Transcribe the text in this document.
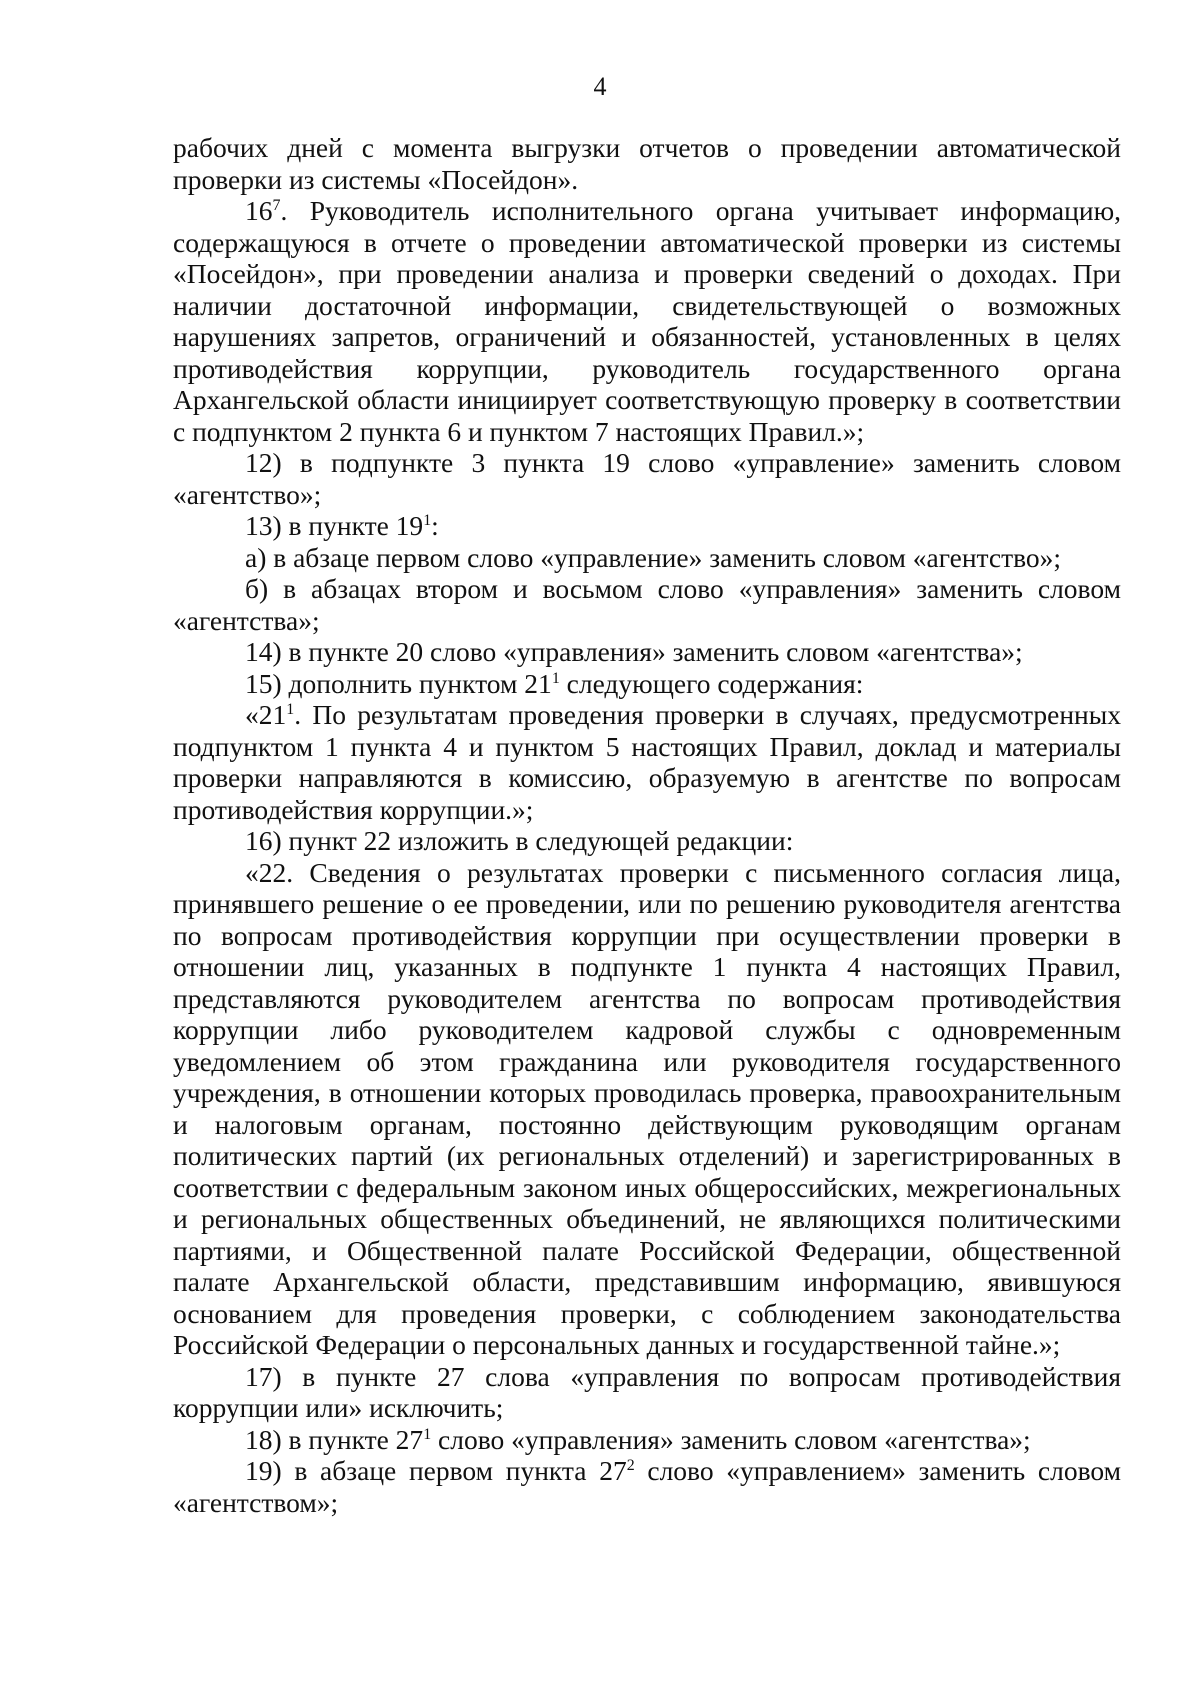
4

рабочих дней с момента выгрузки отчетов о проведении автоматической проверки из системы «Посейдон».

$16^7$. Руководитель исполнительного органа учитывает информацию, содержащуюся в отчете о проведении автоматической проверки из системы «Посейдон», при проведении анализа и проверки сведений о доходах. При наличии достаточной информации, свидетельствующей о возможных нарушениях запретов, ограничений и обязанностей, установленных в целях противодействия коррупции, руководитель государственного органа Архангельской области инициирует соответствующую проверку в соответствии с подпунктом 2 пункта 6 и пунктом 7 настоящих Правил.»;

12) в подпункте 3 пункта 19 слово «управление» заменить словом «агентство»;

13) в пункте $19^1$:

а) в абзаце первом слово «управление» заменить словом «агентство»;

б) в абзацах втором и восьмом слово «управления» заменить словом «агентства»;

14) в пункте 20 слово «управления» заменить словом «агентства»;

15) дополнить пунктом $21^1$ следующего содержания:

«$21^1$. По результатам проведения проверки в случаях, предусмотренных подпунктом 1 пункта 4 и пунктом 5 настоящих Правил, доклад и материалы проверки направляются в комиссию, образуемую в агентстве по вопросам противодействия коррупции.»;

16) пункт 22 изложить в следующей редакции:

«22. Сведения о результатах проверки с письменного согласия лица, принявшего решение о ее проведении, или по решению руководителя агентства по вопросам противодействия коррупции при осуществлении проверки в отношении лиц, указанных в подпункте 1 пункта 4 настоящих Правил, представляются руководителем агентства по вопросам противодействия коррупции либо руководителем кадровой службы с одновременным уведомлением об этом гражданина или руководителя государственного учреждения, в отношении которых проводилась проверка, правоохранительным и налоговым органам, постоянно действующим руководящим органам политических партий (их региональных отделений) и зарегистрированных в соответствии с федеральным законом иных общероссийских, межрегиональных и региональных общественных объединений, не являющихся политическими партиями, и Общественной палате Российской Федерации, общественной палате Архангельской области, представившим информацию, явившуюся основанием для проведения проверки, с соблюдением законодательства Российской Федерации о персональных данных и государственной тайне.»;

17) в пункте 27 слова «управления по вопросам противодействия коррупции или» исключить;

18) в пункте $27^1$ слово «управления» заменить словом «агентства»;

19) в абзаце первом пункта $27^2$ слово «управлением» заменить словом «агентством»;
